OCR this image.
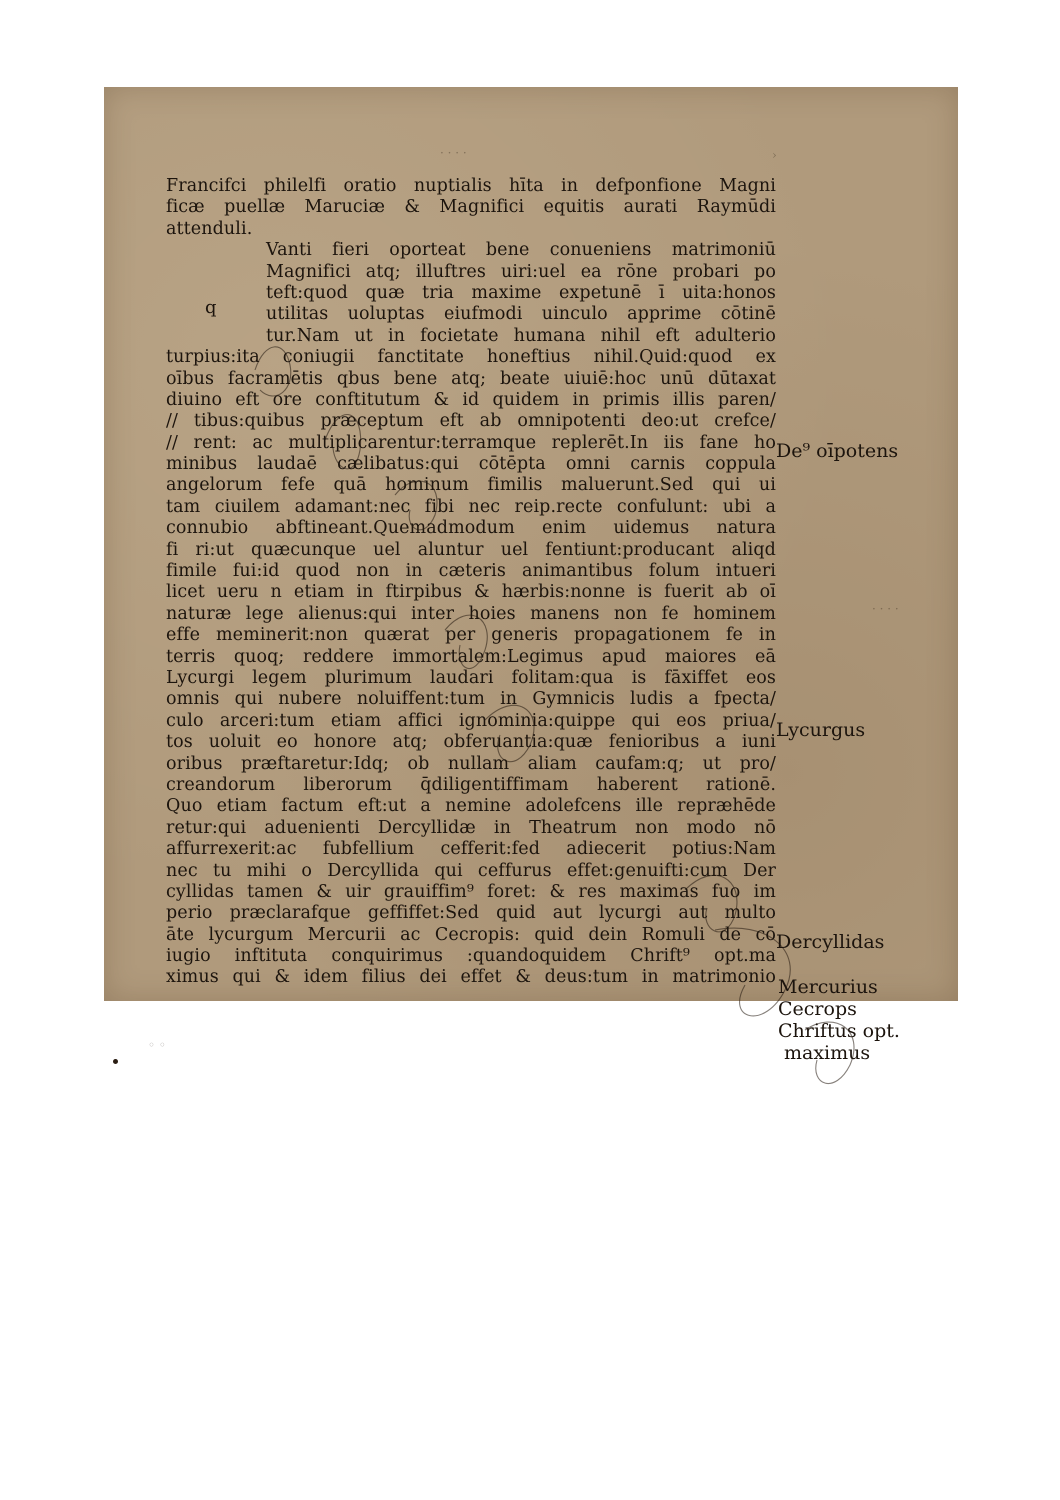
· · · ·	›
· · · ·
◦ ◦
Francifci philelfi oratio nuptialis hīta in defponfione Magni
ficæ puellæ Maruciæ & Magnifici equitis aurati Raymūdi
attenduli.
Vanti fieri oporteat bene conueniens matrimoniū
Magnifici atq; illuftres uiri:uel ea rōne probari po
teft:quod quæ tria maxime expetunē ī uita:honos
utilitas uoluptas eiufmodi uinculo apprime cōtinē
tur.Nam ut in focietate humana nihil eft adulterio
turpius:ita coniugii fanctitate honeftius nihil.Quid:quod ex
oībus facramētis qbus bene atq; beate uiuiē:hoc unū dūtaxat
diuino eft ore conftitutum & id quidem in primis illis paren/
// tibus:quibus præceptum eft ab omnipotenti deo:ut crefce/
// rent: ac multiplicarentur:terramque replerēt.In iis fane ho
minibus laudaē cælibatus:qui cōtēpta omni carnis coppula
angelorum fefe quā hominum fimilis maluerunt.Sed qui ui
tam ciuilem adamant:nec fibi nec reip.recte confulunt: ubi a
connubio abftineant.Quemadmodum enim uidemus natura
fi ri:ut quæcunque uel aluntur uel fentiunt:producant aliqd
fimile fui:id quod non in cæteris animantibus folum intueri
licet ueru n etiam in ftirpibus & hærbis:nonne is fuerit ab oī
naturæ lege alienus:qui inter hoies manens non fe hominem
effe meminerit:non quærat per generis propagationem fe in
terris quoq; reddere immortalem:Legimus apud maiores eā
Lycurgi legem plurimum laudari folitam:qua is fāxiffet eos
omnis qui nubere noluiffent:tum in Gymnicis ludis a fpecta/
culo arceri:tum etiam affici ignominia:quippe qui eos priua/
tos uoluit eo honore atq; obferuantia:quæ fenioribus a iuni
oribus præftaretur:Idq; ob nullam aliam caufam:q; ut pro/
creandorum liberorum q̄diligentiffimam haberent rationē.
Quo etiam factum eft:ut a nemine adolefcens ille repræhēde
retur:qui aduenienti Dercyllidæ in Theatrum non modo nō
affurrexerit:ac fubfellium cefferit:fed adiecerit potius:Nam
nec tu mihi o Dercyllida qui ceffurus effet:genuifti:cum Der
cyllidas tamen & uir grauiffim⁹ foret: & res maximas fuo im
perio præclarafque geffiffet:Sed quid aut lycurgi aut multo
āte lycurgum Mercurii ac Cecropis: quid dein Romuli de cō
iugio inftituta conquirimus :quandoquidem Chrift⁹ opt.ma
ximus qui & idem filius dei effet & deus:tum in matrimonio
q
De⁹ oīpotens
Lycurgus
Dercyllidas
Mercurius
Cecrops
Chriftus opt.
maximus
